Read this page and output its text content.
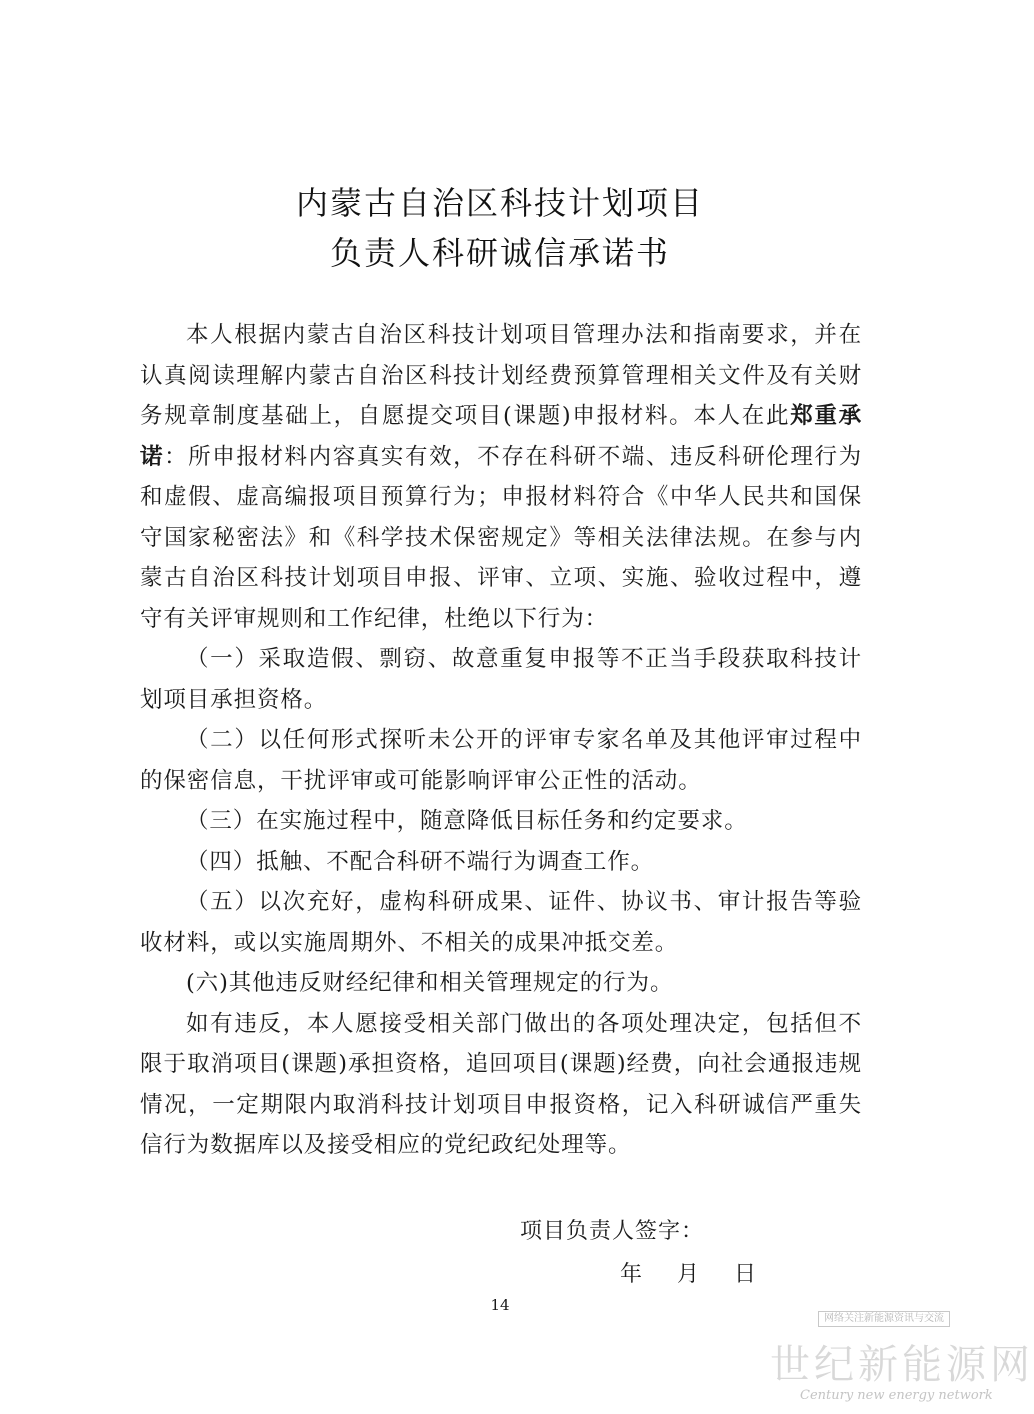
内蒙古自治区科技计划项目
负责人科研诚信承诺书

本人根据内蒙古自治区科技计划项目管理办法和指南要求，并在认真阅读理解内蒙古自治区科技计划经费预算管理相关文件及有关财务规章制度基础上，自愿提交项目(课题)申报材料。本人在此郑重承诺：所申报材料内容真实有效，不存在科研不端、违反科研伦理行为和虚假、虚高编报项目预算行为；申报材料符合《中华人民共和国保守国家秘密法》和《科学技术保密规定》等相关法律法规。在参与内蒙古自治区科技计划项目申报、评审、立项、实施、验收过程中，遵守有关评审规则和工作纪律，杜绝以下行为：

（一）采取造假、剽窃、故意重复申报等不正当手段获取科技计划项目承担资格。

（二）以任何形式探听未公开的评审专家名单及其他评审过程中的保密信息，干扰评审或可能影响评审公正性的活动。

（三）在实施过程中，随意降低目标任务和约定要求。

（四）抵触、不配合科研不端行为调查工作。

（五）以次充好，虚构科研成果、证件、协议书、审计报告等验收材料，或以实施周期外、不相关的成果冲抵交差。

(六)其他违反财经纪律和相关管理规定的行为。

如有违反，本人愿接受相关部门做出的各项处理决定，包括但不限于取消项目(课题)承担资格，追回项目(课题)经费，向社会通报违规情况，一定期限内取消科技计划项目申报资格，记入科研诚信严重失信行为数据库以及接受相应的党纪政纪处理等。

项目负责人签字：
年 月 日
14
网络关注新能源资讯与交流
世纪新能源网
Century new energy network
